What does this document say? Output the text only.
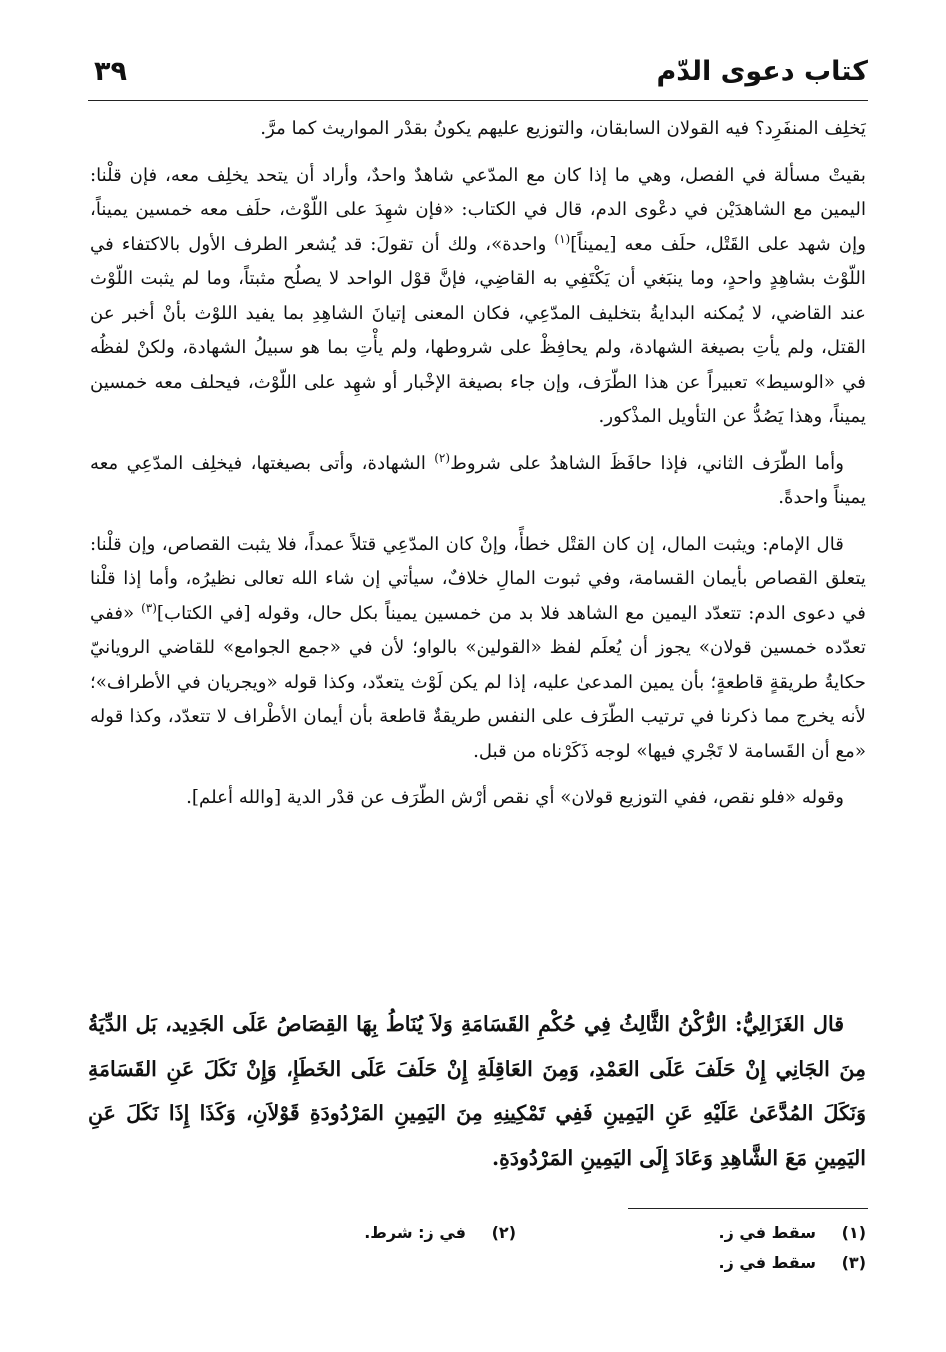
كتاب دعوى الدّم
٣٩

يَخلِف المنفَرِد؟ فيه القولان السابقان، والتوزيع عليهم يكونُ بقدْر المواريث كما مرَّ.

بقيتْ مسألة في الفصل، وهي ما إذا كان مع المدّعي شاهدٌ واحدٌ، وأراد أن يتحد يخلِف معه، فإن قلْنا: اليمين مع الشاهدَيْن في دعْوى الدم، قال في الكتاب: «فإن شهِدَ على اللّوْث، حلَف معه خمسين يميناً، وإن شهد على القَتْل، حلَف معه [يميناً]$^{(١)}$ واحدة»، ولك أن تقولَ: قد يُشعر الطرف الأول بالاكتفاء في اللّوْث بشاهِدٍ واحدٍ، وما ينبَغي أن يَكْتَفِي به القاضِي، فإنَّ قوْل الواحد لا يصلُح مثبتاً، وما لم يثبت اللّوْث عند القاضي، لا يُمكنه البدايةُ بتخليف المدّعِي، فكان المعنى إتيانَ الشاهِدِ بما يفيد اللوْث بأنْ أخبر عن القتل، ولم يأتِ بصيغة الشهادة، ولم يحافِظْ على شروطها، ولم يأْتِ بما هو سبيلُ الشهادة، ولكنْ لفظُه في «الوسيط» تعبيراً عن هذا الطّرَف، وإن جاء بصيغة الإخْبار أو شهِد على اللّوْث، فيحلف معه خمسين يميناً، وهذا يَصُدُّ عن التأويل المذْكور.

وأما الطّرَف الثاني، فإذا حافَظَ الشاهدُ على شروط$^{(٢)}$ الشهادة، وأتى بصيغتها، فيخلِف المدّعِي معه يميناً واحدةً.

قال الإمام: ويثبت المال، إن كان القتْل خطأً، وإنْ كان المدّعِي قتلاً عمداً، فلا يثبت القصاص، وإن قلْنا: يتعلق القصاص بأيمان القسامة، وفي ثبوت المالِ خلافٌ، سيأتي إن شاء الله تعالى نظيرُه، وأما إذا قلْنا في دعوى الدم: تتعدّد اليمين مع الشاهد فلا بد من خمسين يميناً بكل حال، وقوله [في الكتاب]$^{(٣)}$ «ففي تعدّده خمسين قولان» يجوز أن يُعلَم لفظ «القولين» بالواو؛ لأن في «جمع الجوامع» للقاضي الرويانيّ حكايةُ طريقةٍ قاطعةٍ؛ بأن يمين المدعىٰ عليه، إذا لم يكن لَوْث يتعدّد، وكذا قوله «ويجريان في الأطراف»؛ لأنه يخرج مما ذكرنا في ترتيب الطّرَف على النفس طريقةٌ قاطعة بأن أيمان الأطْراف لا تتعدّد، وكذا قوله «مع أن القَسامة لا تَجْري فيها» لوجه ذَكَرْناه من قبل.

وقوله «فلو نقص، ففي التوزيع قولان» أي نقص أرْش الطّرَف عن قدْر الدية [والله أعلم].

قال الغَزَالِيُّ: الرُّكْنُ الثَّالِثُ فِي حُكْمِ القَسَامَةِ وَلاَ يُنَاطُ بِهَا القِصَاصُ عَلَى الجَدِيد، بَل الدِّيَةُ مِنَ الجَانِي إِنْ حَلَفَ عَلَى العَمْدِ، وَمِنَ العَاقِلَةِ إِنْ حَلَفَ عَلَى الخَطَإِ، وَإِنْ نَكَلَ عَنِ القَسَامَةِ وَنَكَلَ المُدَّعَىٰ عَلَيْهِ عَنِ اليَمِينِ فَفِي تَمْكِينِهِ مِنَ اليَمِينِ المَرْدُودَةِ قَوْلاَنِ، وَكَذَا إِذَا نَكَلَ عَنِ اليَمِينِ مَعَ الشَّاهِدِ وَعَادَ إِلَى اليَمِينِ المَرْدُودَةِ.
(١)
سقط في ز.
(٢)
في ز: شرط.
(٣)
سقط في ز.
